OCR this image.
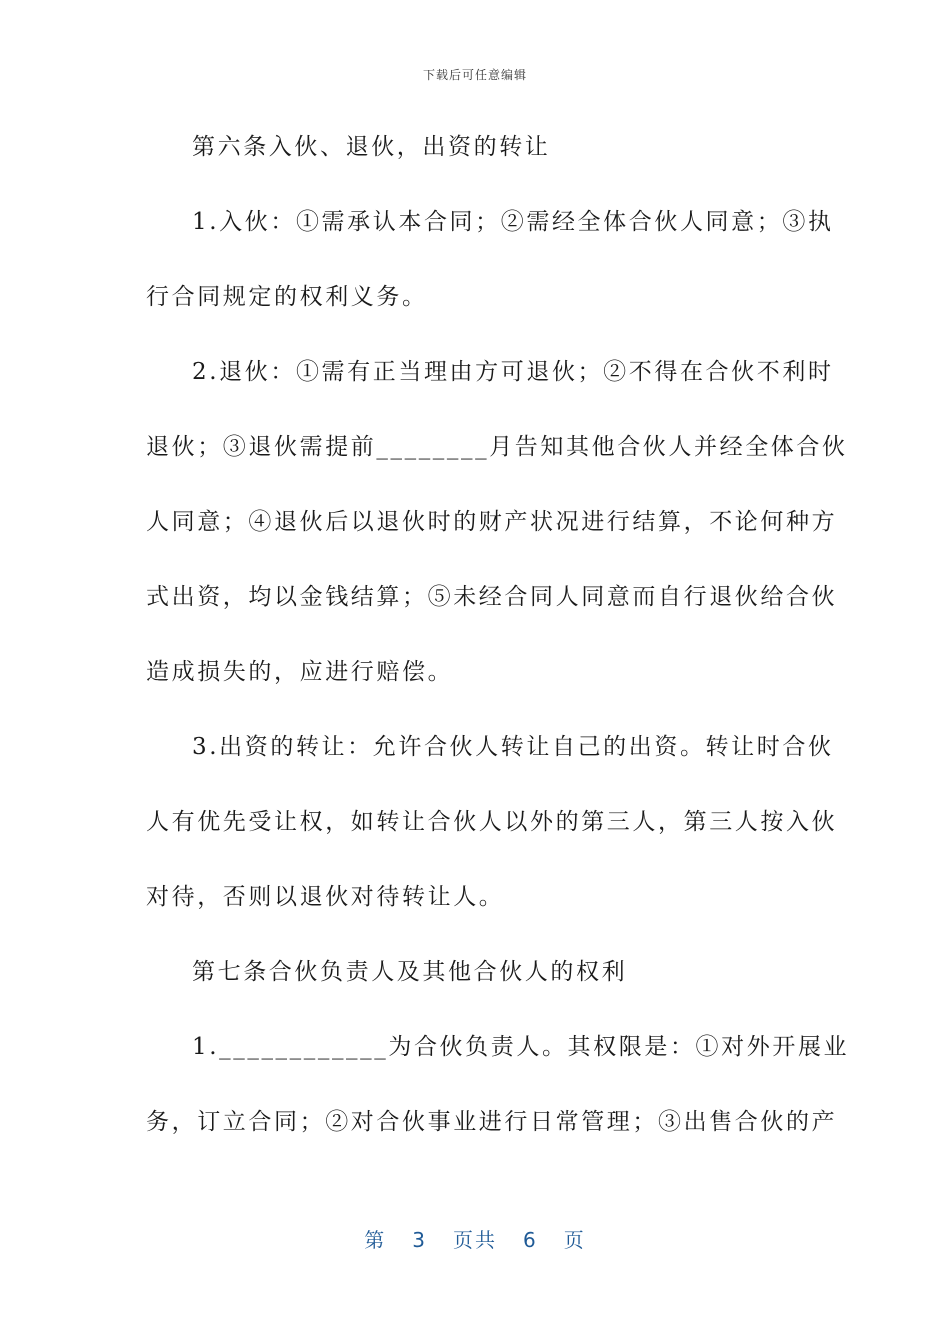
下载后可任意编辑
第六条入伙、退伙，出资的转让
1.入伙：①需承认本合同；②需经全体合伙人同意；③执
行合同规定的权利义务。
2.退伙：①需有正当理由方可退伙；②不得在合伙不利时
退伙；③退伙需提前________月告知其他合伙人并经全体合伙
人同意；④退伙后以退伙时的财产状况进行结算，不论何种方
式出资，均以金钱结算；⑤未经合同人同意而自行退伙给合伙
造成损失的，应进行赔偿。
3.出资的转让：允许合伙人转让自己的出资。转让时合伙
人有优先受让权，如转让合伙人以外的第三人，第三人按入伙
对待，否则以退伙对待转让人。
第七条合伙负责人及其他合伙人的权利
1.____________为合伙负责人。其权限是：①对外开展业
务，订立合同；②对合伙事业进行日常管理；③出售合伙的产
第 3 页共 6 页
